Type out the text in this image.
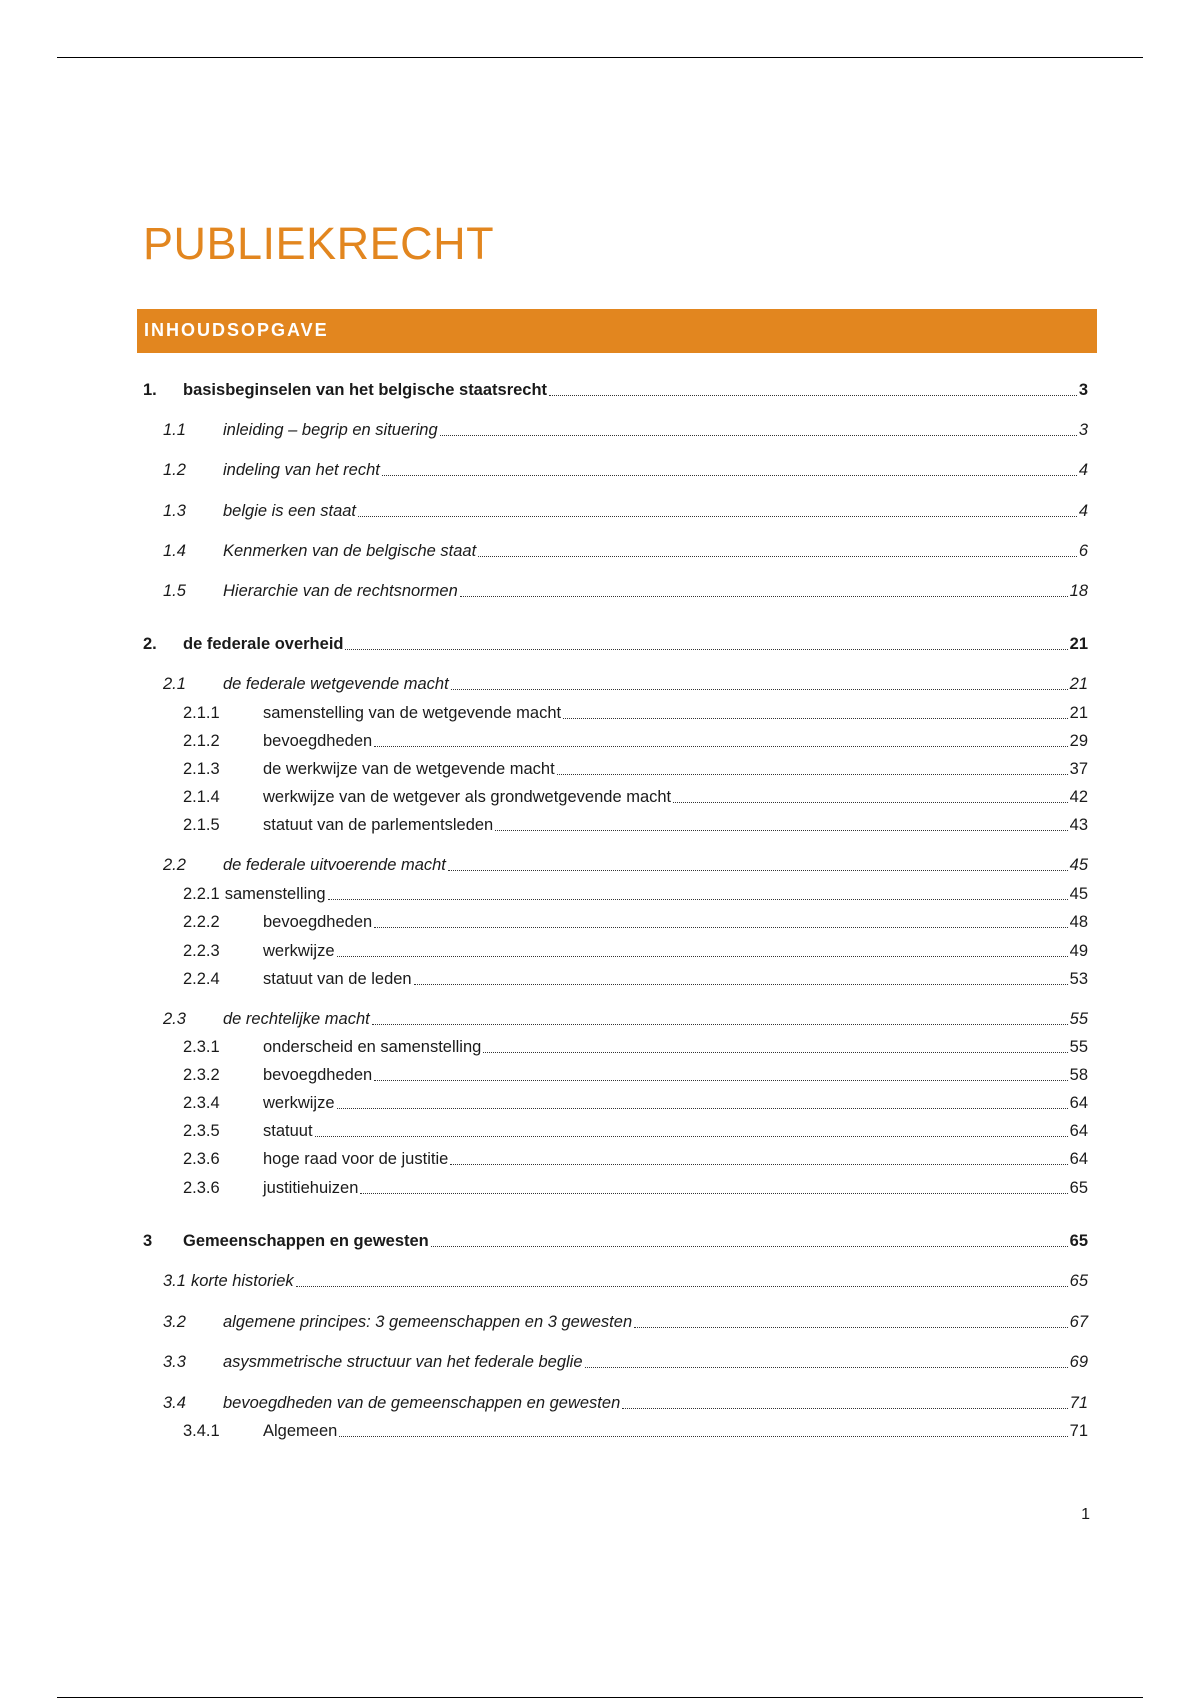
PUBLIEKRECHT
INHOUDSOPGAVE
1.	basisbeginselen van het belgische staatsrecht	3
1.1	inleiding – begrip en situering	3
1.2	indeling van het recht	4
1.3	belgie is een staat	4
1.4	Kenmerken van de belgische staat	6
1.5	Hierarchie van de rechtsnormen	18
2.	de federale overheid	21
2.1	de federale wetgevende macht	21
2.1.1	samenstelling van de wetgevende macht	21
2.1.2	bevoegdheden	29
2.1.3	de werkwijze van de wetgevende macht	37
2.1.4	werkwijze van de wetgever als grondwetgevende macht	42
2.1.5	statuut van de parlementsleden	43
2.2	de federale uitvoerende macht	45
2.2.1 samenstelling	45
2.2.2	bevoegdheden	48
2.2.3	werkwijze	49
2.2.4	statuut van de leden	53
2.3	de rechtelijke macht	55
2.3.1	onderscheid en samenstelling	55
2.3.2	bevoegdheden	58
2.3.4	werkwijze	64
2.3.5	statuut	64
2.3.6	hoge raad voor de justitie	64
2.3.6	justitiehuizen	65
3	Gemeenschappen en gewesten	65
3.1 korte historiek	65
3.2	algemene principes: 3 gemeenschappen en 3 gewesten	67
3.3	asysmmetrische structuur van het federale beglie	69
3.4	bevoegdheden van de gemeenschappen en gewesten	71
3.4.1	Algemeen	71
1
